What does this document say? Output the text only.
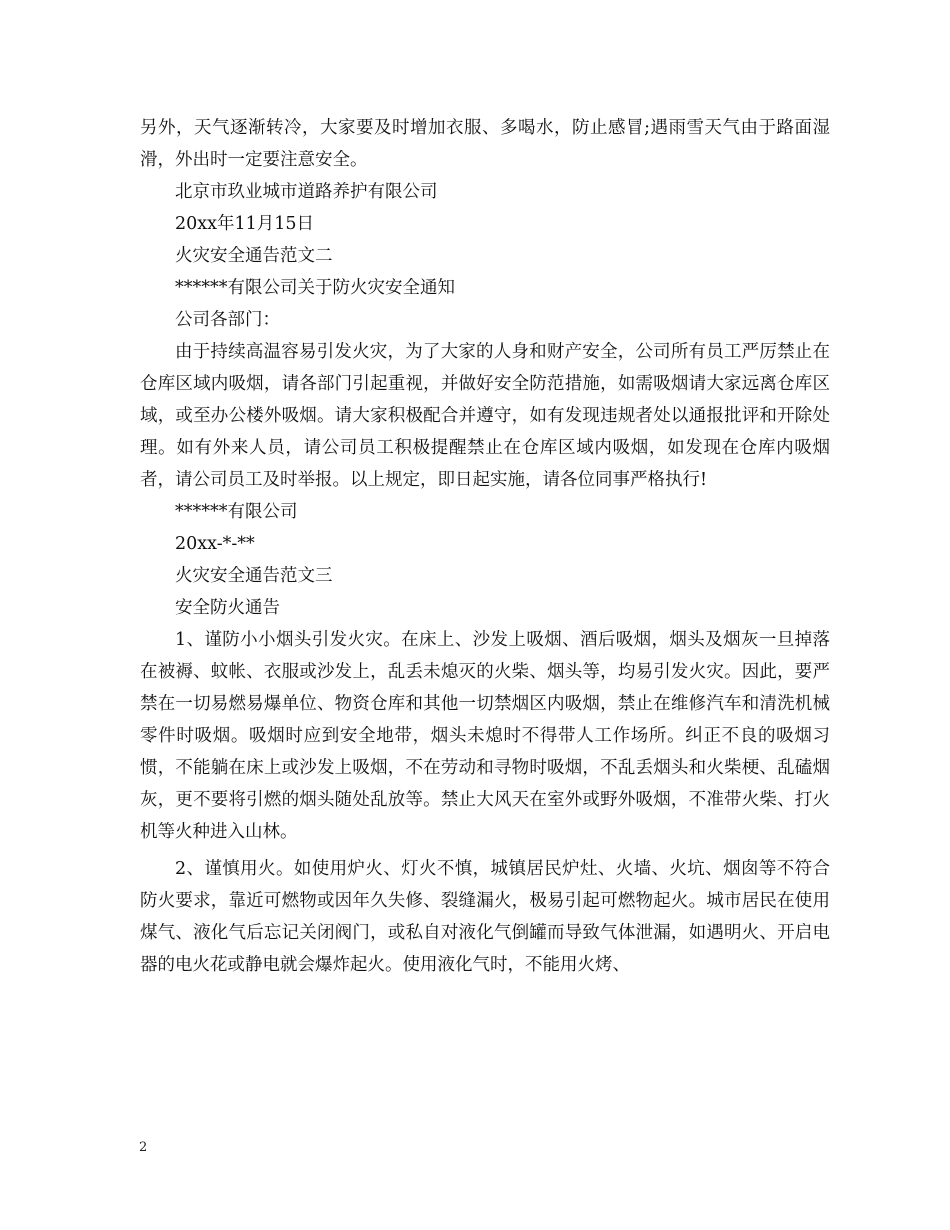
另外，天气逐渐转冷，大家要及时增加衣服、多喝水，防止感冒;遇雨雪天气由于路面湿滑，外出时一定要注意安全。

北京市玖业城市道路养护有限公司

20xx年11月15日

火灾安全通告范文二

******有限公司关于防火灾安全通知

公司各部门：

由于持续高温容易引发火灾，为了大家的人身和财产安全，公司所有员工严厉禁止在仓库区域内吸烟，请各部门引起重视，并做好安全防范措施，如需吸烟请大家远离仓库区域，或至办公楼外吸烟。请大家积极配合并遵守，如有发现违规者处以通报批评和开除处理。如有外来人员，请公司员工积极提醒禁止在仓库区域内吸烟，如发现在仓库内吸烟者，请公司员工及时举报。以上规定，即日起实施，请各位同事严格执行!

******有限公司

20xx-*-**

火灾安全通告范文三

安全防火通告

1、谨防小小烟头引发火灾。在床上、沙发上吸烟、酒后吸烟，烟头及烟灰一旦掉落在被褥、蚊帐、衣服或沙发上，乱丢未熄灭的火柴、烟头等，均易引发火灾。因此，要严禁在一切易燃易爆单位、物资仓库和其他一切禁烟区内吸烟，禁止在维修汽车和清洗机械零件时吸烟。吸烟时应到安全地带，烟头未熄时不得带人工作场所。纠正不良的吸烟习惯，不能躺在床上或沙发上吸烟，不在劳动和寻物时吸烟，不乱丢烟头和火柴梗、乱磕烟灰，更不要将引燃的烟头随处乱放等。禁止大风天在室外或野外吸烟，不准带火柴、打火机等火种进入山林。

2、谨慎用火。如使用炉火、灯火不慎，城镇居民炉灶、火墙、火坑、烟囱等不符合防火要求，靠近可燃物或因年久失修、裂缝漏火，极易引起可燃物起火。城市居民在使用煤气、液化气后忘记关闭阀门，或私自对液化气倒罐而导致气体泄漏，如遇明火、开启电器的电火花或静电就会爆炸起火。使用液化气时，不能用火烤、

2
